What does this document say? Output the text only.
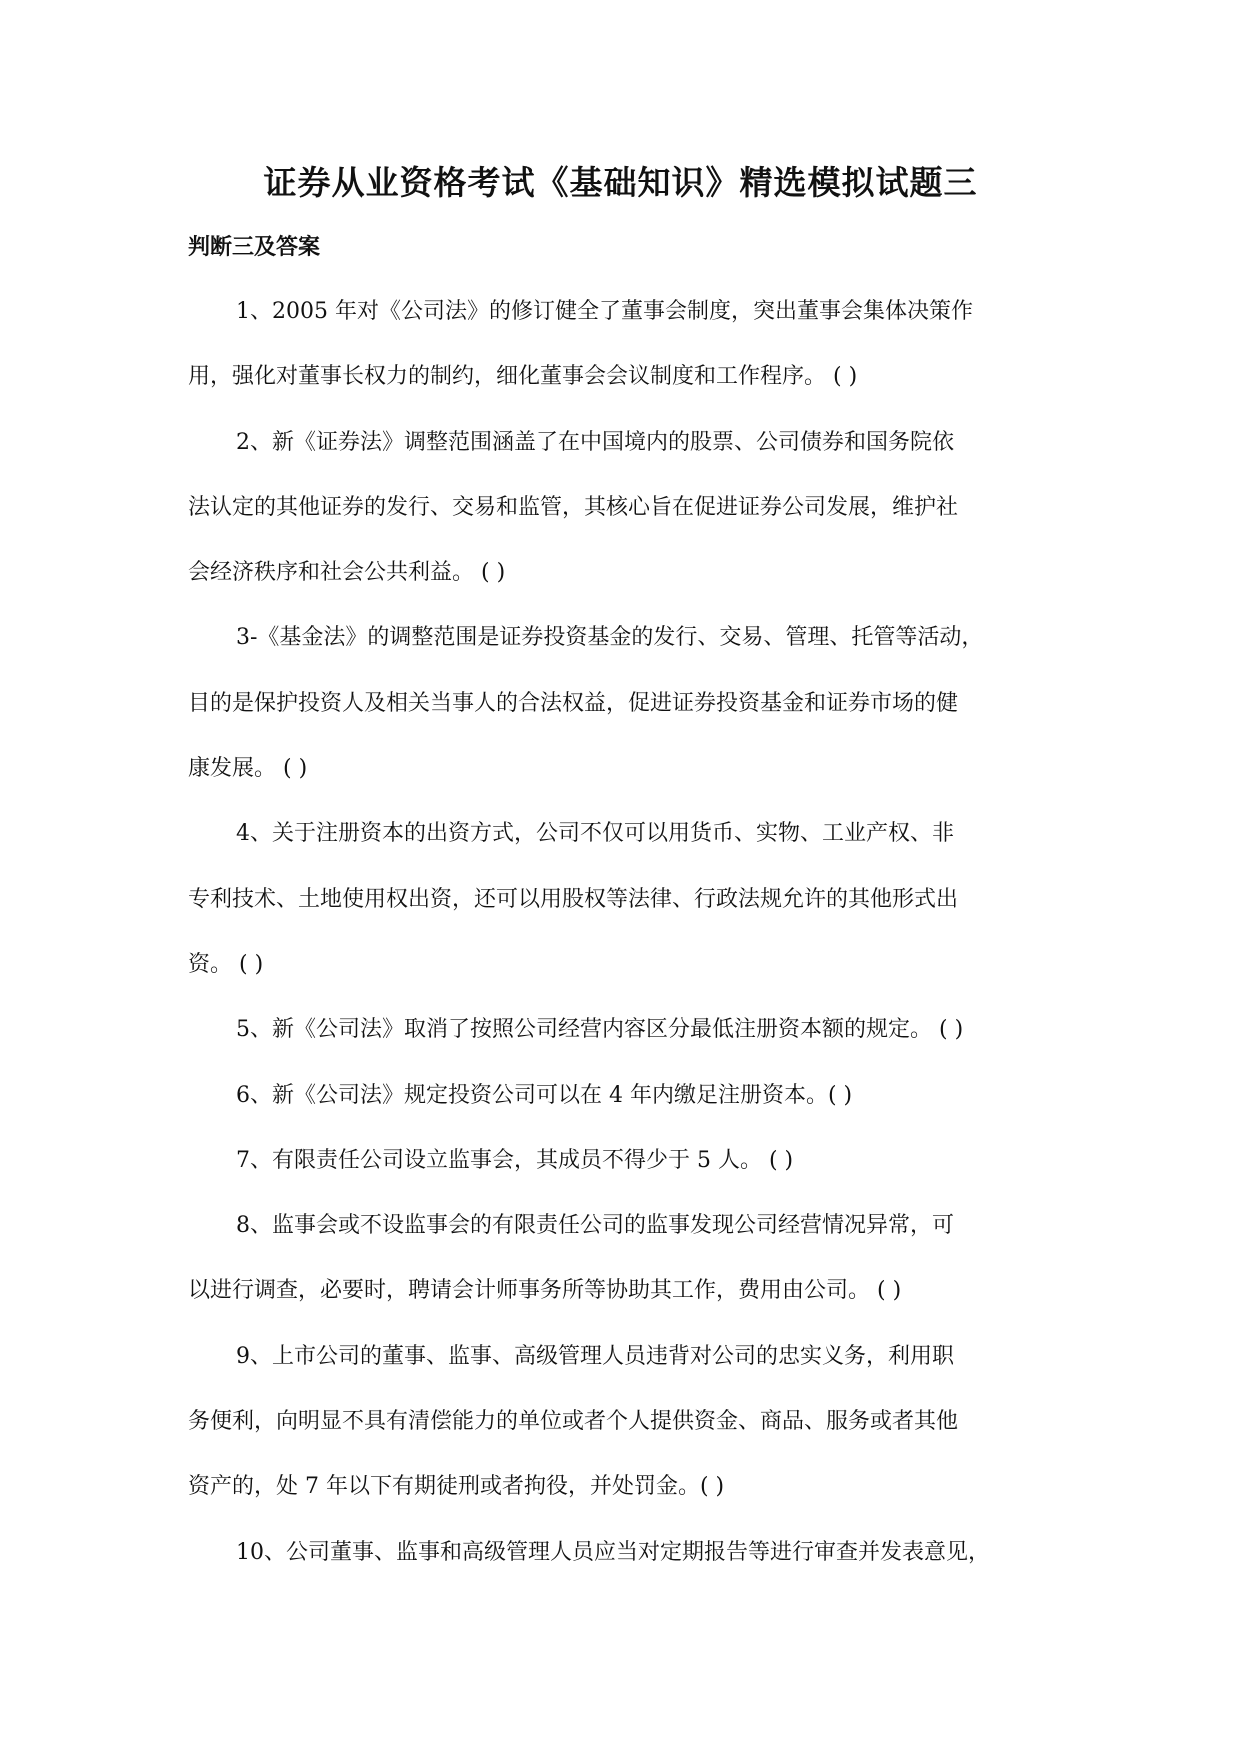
证券从业资格考试《基础知识》精选模拟试题三
判断三及答案
1、2005 年对《公司法》的修订健全了董事会制度，突出董事会集体决策作
用，强化对董事长权力的制约，细化董事会会议制度和工作程序。 ( )
2、新《证券法》调整范围涵盖了在中国境内的股票、公司债券和国务院依
法认定的其他证券的发行、交易和监管，其核心旨在促进证券公司发展，维护社
会经济秩序和社会公共利益。 ( )
3-《基金法》的调整范围是证券投资基金的发行、交易、管理、托管等活动，
目的是保护投资人及相关当事人的合法权益，促进证券投资基金和证券市场的健
康发展。 ( )
4、关于注册资本的出资方式，公司不仅可以用货币、实物、工业产权、非
专利技术、土地使用权出资，还可以用股权等法律、行政法规允许的其他形式出
资。 ( )
5、新《公司法》取消了按照公司经营内容区分最低注册资本额的规定。 ( )
6、新《公司法》规定投资公司可以在 4 年内缴足注册资本。( )
7、有限责任公司设立监事会，其成员不得少于 5 人。 ( )
8、监事会或不设监事会的有限责任公司的监事发现公司经营情况异常，可
以进行调查，必要时，聘请会计师事务所等协助其工作，费用由公司。 ( )
9、上市公司的董事、监事、高级管理人员违背对公司的忠实义务，利用职
务便利，向明显不具有清偿能力的单位或者个人提供资金、商品、服务或者其他
资产的，处 7 年以下有期徒刑或者拘役，并处罚金。( )
10、公司董事、监事和高级管理人员应当对定期报告等进行审查并发表意见，
